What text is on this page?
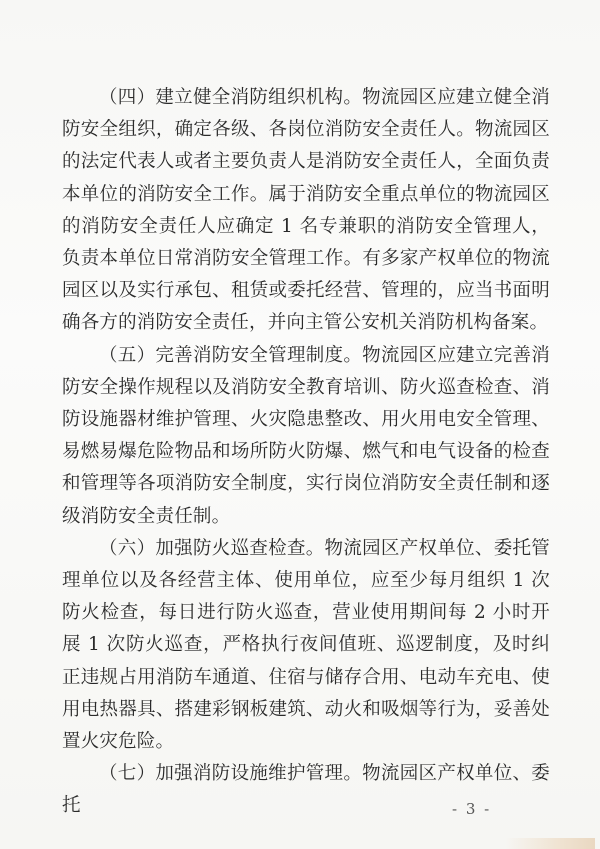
（四）建立健全消防组织机构。物流园区应建立健全消防安全组织，确定各级、各岗位消防安全责任人。物流园区的法定代表人或者主要负责人是消防安全责任人，全面负责本单位的消防安全工作。属于消防安全重点单位的物流园区的消防安全责任人应确定 1 名专兼职的消防安全管理人，负责本单位日常消防安全管理工作。有多家产权单位的物流园区以及实行承包、租赁或委托经营、管理的，应当书面明确各方的消防安全责任，并向主管公安机关消防机构备案。

（五）完善消防安全管理制度。物流园区应建立完善消防安全操作规程以及消防安全教育培训、防火巡查检查、消防设施器材维护管理、火灾隐患整改、用火用电安全管理、易燃易爆危险物品和场所防火防爆、燃气和电气设备的检查和管理等各项消防安全制度，实行岗位消防安全责任制和逐级消防安全责任制。

（六）加强防火巡查检查。物流园区产权单位、委托管理单位以及各经营主体、使用单位，应至少每月组织 1 次防火检查，每日进行防火巡查，营业使用期间每 2 小时开展 1 次防火巡查，严格执行夜间值班、巡逻制度，及时纠正违规占用消防车通道、住宿与储存合用、电动车充电、使用电热器具、搭建彩钢板建筑、动火和吸烟等行为，妥善处置火灾危险。

（七）加强消防设施维护管理。物流园区产权单位、委托	- 3 -
